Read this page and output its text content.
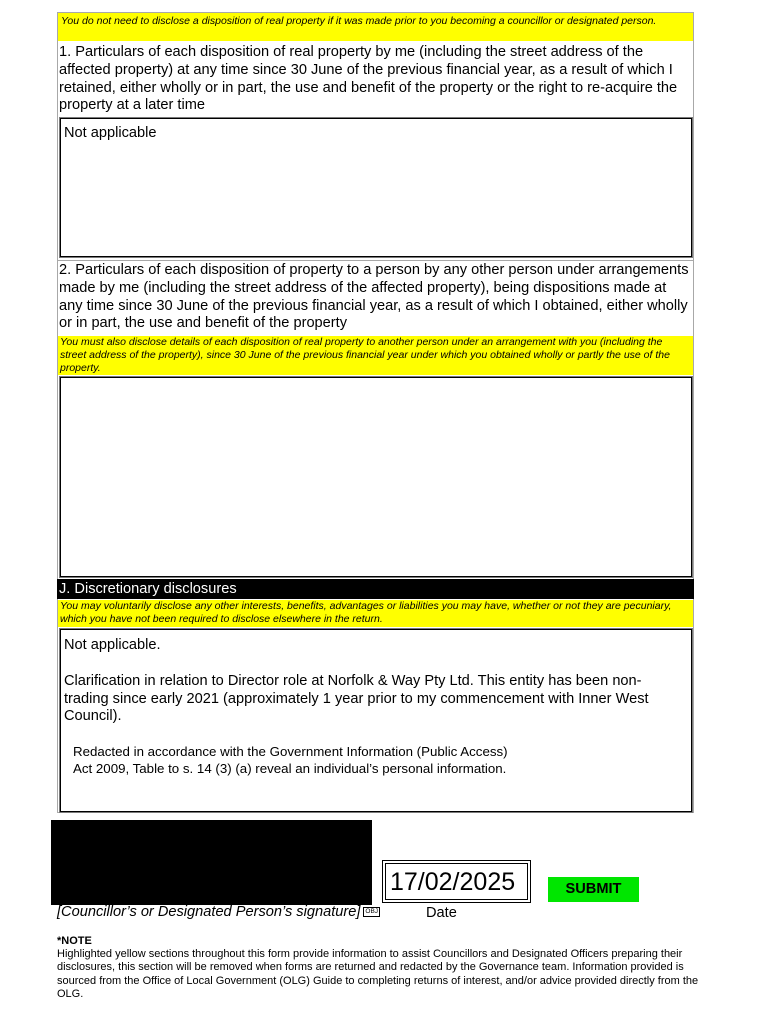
You do not need to disclose a disposition of real property if it was made prior to you becoming a councillor or designated person.
1. Particulars of each disposition of real property by me (including the street address of the affected property) at any time since 30 June of the previous financial year, as a result of which I retained, either wholly or in part, the use and benefit of the property or the right to re-acquire the property at a later time
Not applicable
2. Particulars of each disposition of property to a person by any other person under arrangements made by me (including the street address of the affected property), being dispositions made at any time since 30 June of the previous financial year, as a result of which I obtained, either wholly or in part, the use and benefit of the property
You must also disclose details of each disposition of real property to another person under an arrangement with you (including the street address of the property), since 30 June of the previous financial year under which you obtained wholly or partly the use of the property.
J. Discretionary disclosures
You may voluntarily disclose any other interests, benefits, advantages or liabilities you may have, whether or not they are pecuniary, which you have not been required to disclose elsewhere in the return.
Not applicable.
Clarification in relation to Director role at Norfolk & Way Pty Ltd. This entity has been non-trading since early 2021 (approximately 1 year prior to my commencement with Inner West Council).
Redacted in accordance with the Government Information (Public Access) Act 2009, Table to s. 14 (3) (a) reveal an individual’s personal information.
[Councillor’s or Designated Person’s signature] OBJ
17/02/2025
Date
SUBMIT
*NOTE
Highlighted yellow sections throughout this form provide information to assist Councillors and Designated Officers preparing their disclosures, this section will be removed when forms are returned and redacted by the Governance team. Information provided is sourced from the Office of Local Government (OLG) Guide to completing returns of interest, and/or advice provided directly from the OLG.
